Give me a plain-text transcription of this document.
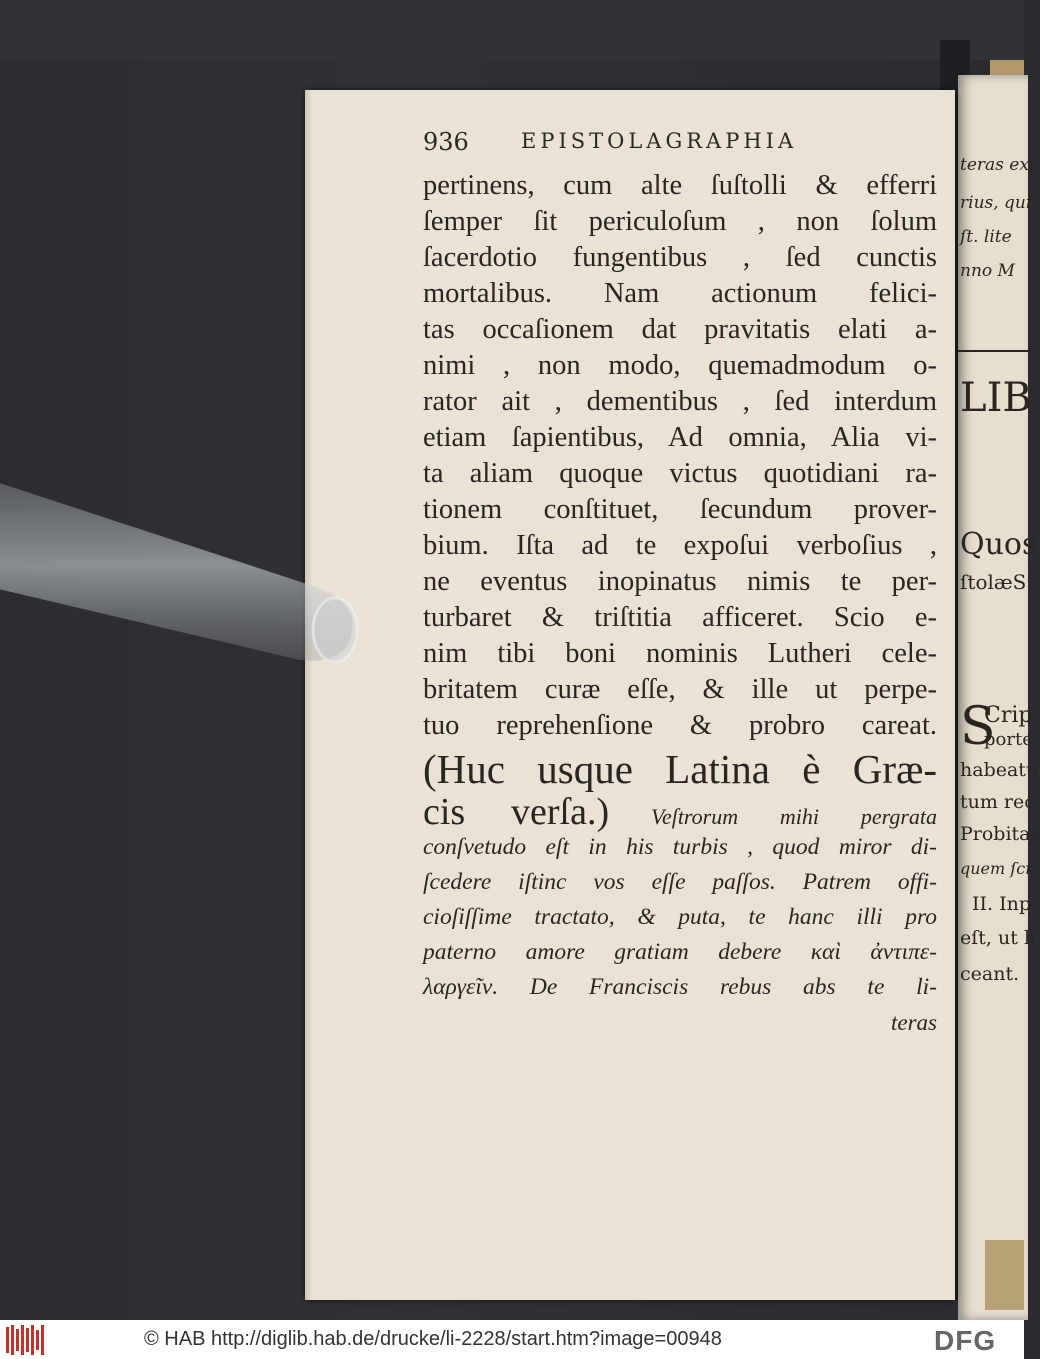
teras exſ
rius, qui
ſt. lite
nno M
LIB
Quos
ſtolæS
S
Crip
porte
habeatu
tum rec
Probitas
quem ſcri
II. Inp
eſt, ut h
ceant.
936 EPISTOLAGRAPHIA
pertinens, cum alte ſuſtolli & efferri
ſemper ſit periculoſum , non ſolum
ſacerdotio fungentibus , ſed cunctis
mortalibus. Nam actionum felici-
tas occaſionem dat pravitatis elati a-
nimi , non modo, quemadmodum o-
rator ait , dementibus , ſed interdum
etiam ſapientibus, Ad omnia, Alia vi-
ta aliam quoque victus quotidiani ra-
tionem conſtituet, ſecundum prover-
bium. Iſta ad te expoſui verboſius ,
ne eventus inopinatus nimis te per-
turbaret & triſtitia afficeret. Scio e-
nim tibi boni nominis Lutheri cele-
britatem curæ eſſe, & ille ut perpe-
tuo reprehenſione & probro careat.
(Huc usque Latina è Græ-
cis verſa.) Veſtrorum mihi pergrata
conſvetudo eſt in his turbis , quod miror di-
ſcedere iſtinc vos eſſe paſſos. Patrem offi-
cioſiſſime tractato, & puta, te hanc illi pro
paterno amore gratiam debere καὶ ἀντιπε-
λαργεῖν. De Franciscis rebus abs te li-
teras
© HAB http://diglib.hab.de/drucke/li-2228/start.htm?image=00948	DFG
